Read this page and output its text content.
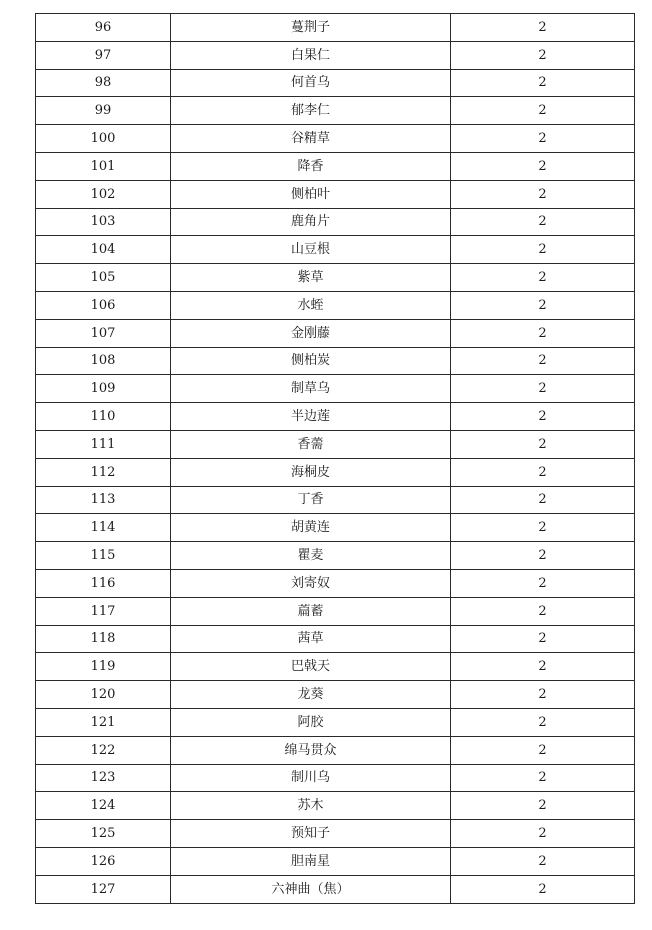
96	蔓荆子	2
97	白果仁	2
98	何首乌	2
99	郁李仁	2
100	谷精草	2
101	降香	2
102	侧柏叶	2
103	鹿角片	2
104	山豆根	2
105	紫草	2
106	水蛭	2
107	金刚藤	2
108	侧柏炭	2
109	制草乌	2
110	半边莲	2
111	香薷	2
112	海桐皮	2
113	丁香	2
114	胡黄连	2
115	瞿麦	2
116	刘寄奴	2
117	萹蓄	2
118	茜草	2
119	巴戟天	2
120	龙葵	2
121	阿胶	2
122	绵马贯众	2
123	制川乌	2
124	苏木	2
125	预知子	2
126	胆南星	2
127	六神曲（焦）	2
